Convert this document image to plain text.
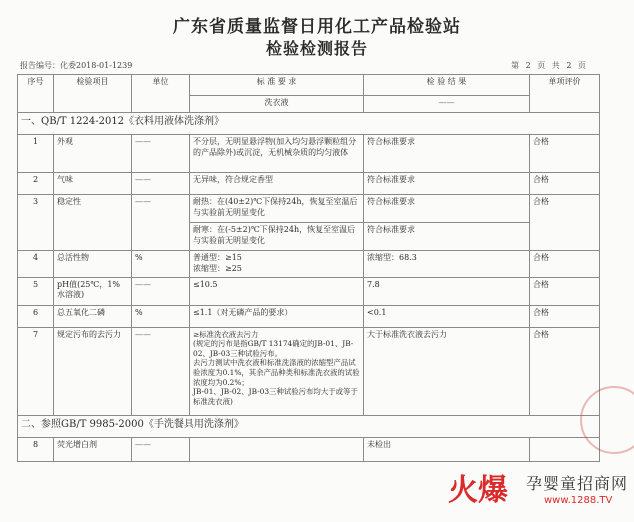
广东省质量监督日用化工产品检验站
检验检测报告
报告编号：化委2018-01-1239	第 2 页 共 2 页
序号	检验项目	单位	标 准 要 求	检 验 结 果	单项评价
			洗衣液	——	
一、QB/T 1224-2012《衣料用液体洗涤剂》					
1	外观	——	不分层，无明显悬浮物(加入均匀悬浮颗粒组分的产品除外)或沉淀，无机械杂质的均匀液体	符合标准要求	合格
2	气味	——	无异味，符合规定香型	符合标准要求	合格
3	稳定性	——	耐热：在(40±2)℃下保持24h，恢复至室温后与实验前无明显变化	符合标准要求	合格
			耐寒：在(-5±2)℃下保持24h，恢复至室温后与实验前无明显变化	符合标准要求	
4	总活性物	%	普通型：≥15
浓缩型：≥25	浓缩型：68.3	合格
5	pH值(25℃，1%水溶液)	——	≤10.5	7.8	合格
6	总五氧化二磷	%	≤1.1（对无磷产品的要求）	<0.1	合格
7	规定污布的去污力	——	≥标准洗衣液去污力
(规定的污布是指GB/T 13174确定的JB-01、JB-02、JB-03三种试验污布。
去污力测试中洗衣液和标准洗涤液的浓缩型产品试验浓度为0.1%，其余产品种类和标准洗衣液的试验浓度均为0.2%；
JB-01、JB-02、JB-03三种试验污布均大于或等于标准洗衣液)	大于标准洗衣液去污力	合格
二、参照GB/T 9985-2000《手洗餐具用洗涤剂》					
8	荧光增白剂	——		未检出	
火爆 孕婴童招商网
www.1288.TV
